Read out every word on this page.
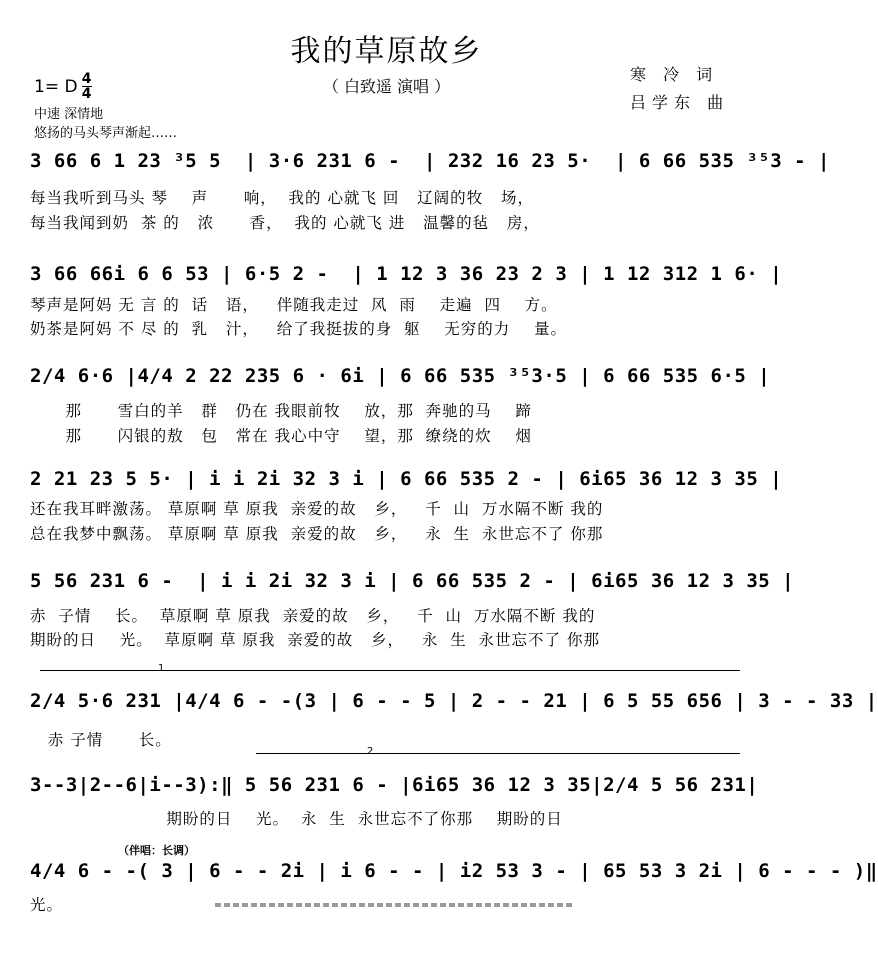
我的草原故乡
（ 白致遥 演唱 ）
寒 冷 词
吕学东 曲
1= D $\frac{4}{4}$
中速 深情地
悠扬的马头琴声渐起……
3 66 6 1 23 ³5 5  | 3·6 231 6 -  | 232 16 23 5·  | 6 66 535 ³⁵3 - |
每当我听到马头 琴    声      响，  我的 心就飞 回   辽阔的牧   场，
每当我闻到奶  茶 的   浓      香，  我的 心就飞 进   温馨的毡   房，
3 66 66i 6 6 53 | 6·5 2 -  | 1 12 3 36 23 2 3 | 1 12 312 1 6· |
琴声是阿妈 无 言 的  话   语，   伴随我走过  风  雨    走遍  四    方。
奶茶是阿妈 不 尽 的  乳   汁，   给了我挺拔的身  躯    无穷的力    量。
2/4 6·6 |4/4 2 22 235 6 · 6i | 6 66 535 ³⁵3·5 | 6 66 535 6·5 |
那      雪白的羊   群   仍在 我眼前牧    放，那  奔驰的马    蹄
那      闪银的敖   包   常在 我心中守    望，那  缭绕的炊    烟
2 21 23 5 5· | i i 2i 32 3 i | 6 66 535 2 - | 6i65 36 12 3 35 |
还在我耳畔激荡。 草原啊 草 原我  亲爱的故   乡，   千  山  万水隔不断 我的
总在我梦中飘荡。 草原啊 草 原我  亲爱的故   乡，   永  生  永世忘不了 你那
5 56 231 6 -  | i i 2i 32 3 i | 6 66 535 2 - | 6i65 36 12 3 35 |
赤  子情    长。  草原啊 草 原我  亲爱的故   乡，   千  山  万水隔不断 我的
期盼的日    光。  草原啊 草 原我  亲爱的故   乡，   永  生  永世忘不了 你那
1
2/4 5·6 231 |4/4 6 - -(3 | 6 - - 5 | 2 - - 21 | 6 5 55 656 | 3 - - 33 |
赤 子情      长。
2
3--3|2--6|i--3):‖ 5 56 231 6 - |6i65 36 12 3 35|2/4 5 56 231|
期盼的日    光。  永  生  永世忘不了你那    期盼的日
（伴唱：长调）
4/4 6 - -( 3 | 6 - - 2i | i 6 - - | i2 53 3 - | 65 53 3 2i | 6 - - - )‖
光。
